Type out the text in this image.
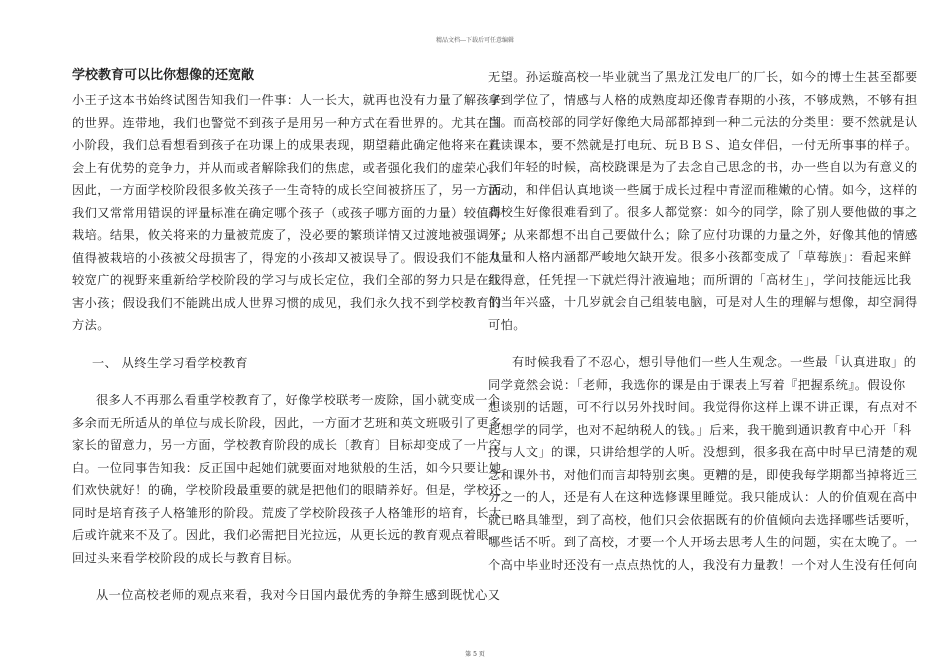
精品文档---下载后可任意编辑
学校教育可以比你想像的还宽敞
小王子这本书始终试图告知我们一件事：人一长大，就再也没有力量了解孩子
的世界。连带地，我们也警觉不到孩子是用另一种方式在看世界的。尤其在国
小阶段，我们总看想看到孩子在功课上的成果表现，期望藉此确定他将来在社
会上有优势的竞争力，并从而或者解除我们的焦虑，或者强化我们的虚荣心。
因此，一方面学校阶段很多攸关孩子一生奇特的成长空间被挤压了，另一方面
我们又常常用错误的评量标准在确定哪个孩子（或孩子哪方面的力量）较值得
栽培。结果，攸关将来的力量被荒废了，没必要的繁琐详情又过渡地被强调了；
值得被栽培的小孩被父母损害了，得宠的小孩却又被误导了。假设我们不能从
较宽广的视野来重新给学校阶段的学习与成长定位，我们全部的努力只是在戕
害小孩；假设我们不能跳出成人世界习惯的成见，我们永久找不到学校教育的
方法。
一、 从终生学习看学校教育
很多人不再那么看重学校教育了，好像学校联考一废除，国小就变成一个
多余而无所适从的单位与成长阶段，因此，一方面才艺班和英文班吸引了更多
家长的留意力，另一方面，学校教育阶段的成长〔教育〕目标却变成了一片空
白。一位同事告知我：反正国中起她们就要面对地狱般的生活，如今只要让她
们欢快就好！的确，学校阶段最重要的就是把他们的眼睛养好。但是，学校还
同时是培育孩子人格雏形的阶段。荒废了学校阶段孩子人格雏形的培育，长大
后或许就来不及了。因此，我们必需把目光拉远，从更长远的教育观点着眼，
回过头来看学校阶段的成长与教育目标。
从一位高校老师的观点来看，我对今日国内最优秀的争辩生感到既忧心又
无望。孙运璇高校一毕业就当了黑龙江发电厂的厂长，如今的博士生甚至都要
拿到学位了，情感与人格的成熟度却还像青春期的小孩，不够成熟，不够有担
当。而高校部的同学好像绝大局部都掉到一种二元法的分类里：要不然就是认
真读课本，要不然就是打电玩、玩ＢＢＳ、追女伴侣，一付无所事事的样子。
我们年轻的时候，高校跷课是为了去念自己思念的书，办一些自以为有意义的
活动，和伴侣认真地谈一些属于成长过程中青涩而稚嫩的心情。如今，这样的
高校生好像很难看到了。很多人都觉察：如今的同学，除了别人要他做的事之
外，从来都想不出自己要做什么；除了应付功课的力量之外，好像其他的情感
力量和人格内涵都严峻地欠缺开发。很多小孩都变成了「草莓族」：看起来鲜
红得意，任凭捏一下就烂得汁液遍地；而所谓的「高材生」，学问技能远比我
们当年兴盛，十几岁就会自己组装电脑，可是对人生的理解与想像，却空洞得
可怕。
有时候我看了不忍心，想引导他们一些人生观念。一些最「认真进取」的
同学竟然会说：「老师，我选你的课是由于课表上写着『把握系统』。假设你
想谈别的话题，可不行以另外找时间。我觉得你这样上课不讲正课，有点对不
起想学的同学，也对不起纳税人的钱。」后来，我干脆到通识教育中心开「科
技与人文」的课，只讲给想学的人听。没想到，很多我在高中时早已清楚的观
念和课外书，对他们而言却特别玄奥。更糟的是，即使我每学期都当掉将近三
分之一的人，还是有人在这种选修课里睡觉。我只能成认：人的价值观在高中
就已略具雏型，到了高校，他们只会依据既有的价值倾向去选择哪些话要听，
哪些话不听。到了高校，才要一个人开场去思考人生的问题，实在太晚了。一
个高中毕业时还没有一点点热忱的人，我没有力量教！一个对人生没有任何向
第 5 页
